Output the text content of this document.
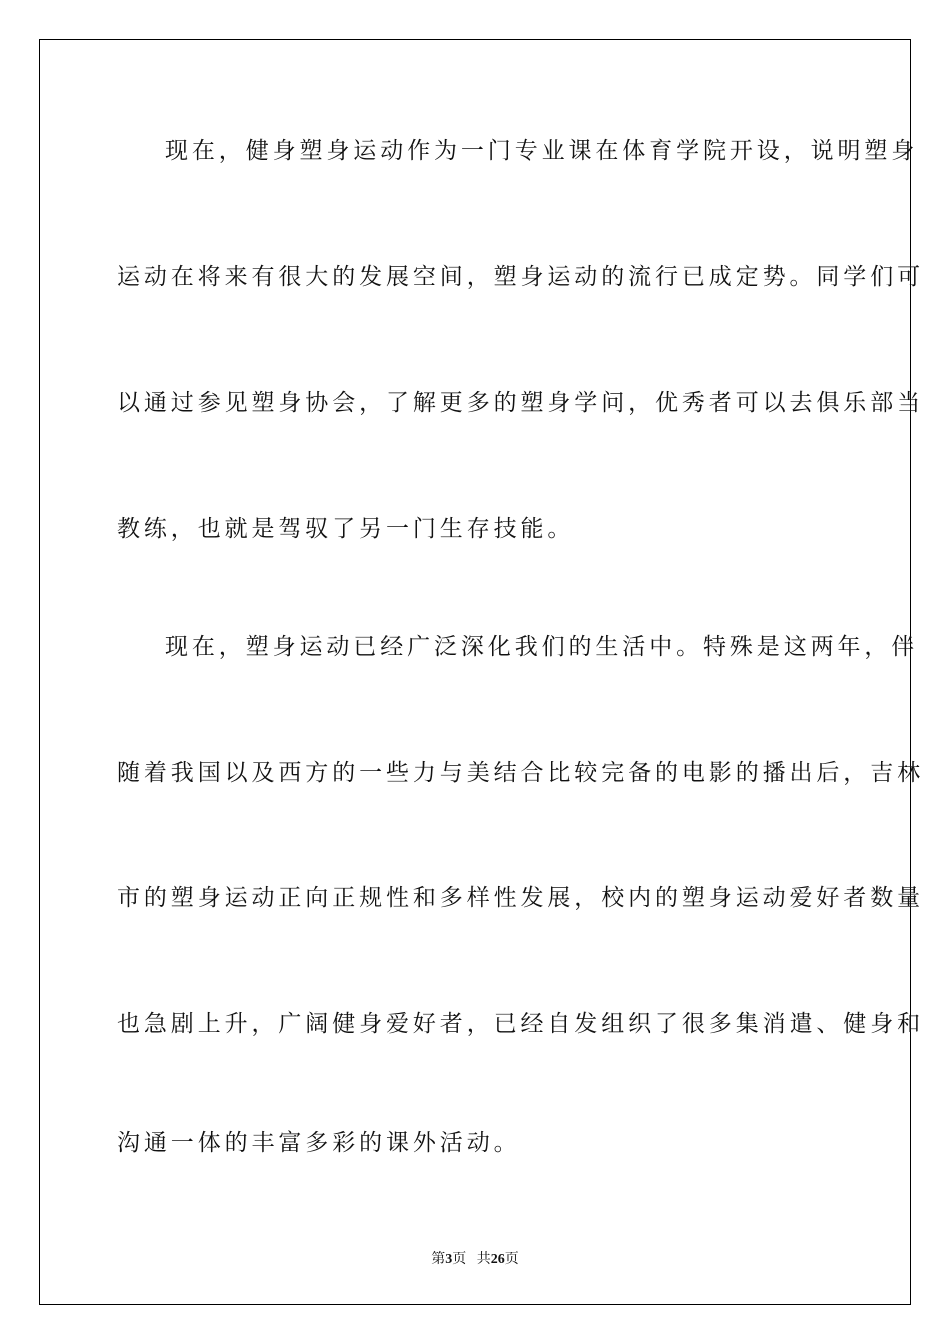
现在，健身塑身运动作为一门专业课在体育学院开设，说明塑身
运动在将来有很大的发展空间，塑身运动的流行已成定势。同学们可
以通过参见塑身协会，了解更多的塑身学问，优秀者可以去俱乐部当
教练，也就是驾驭了另一门生存技能。
现在，塑身运动已经广泛深化我们的生活中。特殊是这两年，伴
随着我国以及西方的一些力与美结合比较完备的电影的播出后，吉林
市的塑身运动正向正规性和多样性发展，校内的塑身运动爱好者数量
也急剧上升，广阔健身爱好者，已经自发组织了很多集消遣、健身和
沟通一体的丰富多彩的课外活动。
第3页 共26页
